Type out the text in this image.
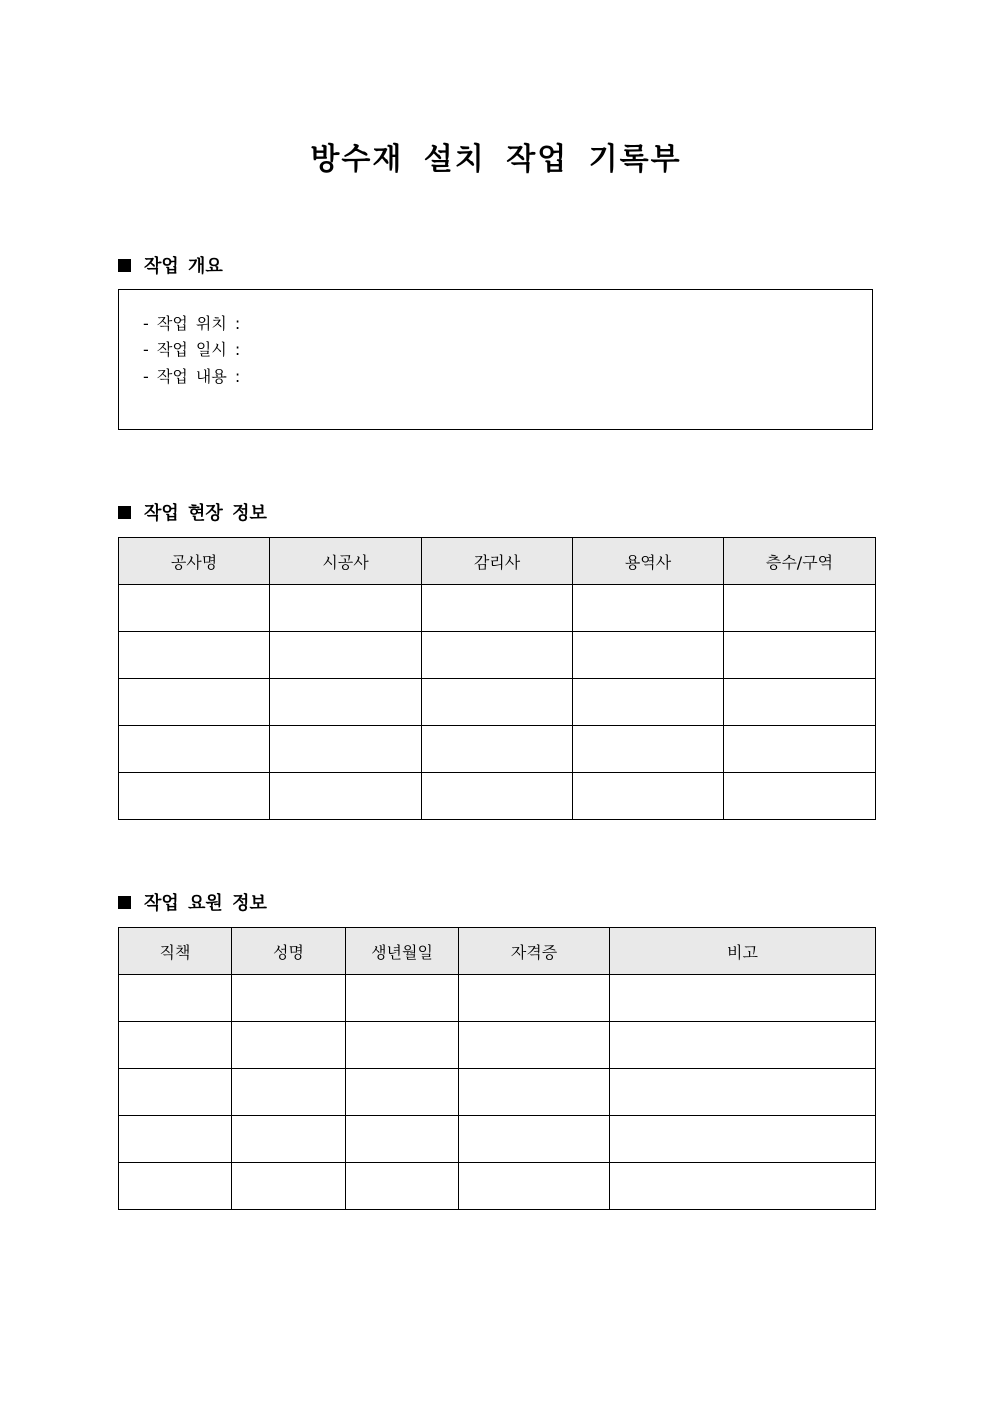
방수재 설치 작업 기록부
작업 개요
- 작업 위치 :
- 작업 일시 :
- 작업 내용 :
작업 현장 정보
공사명	시공사	감리사	용역사	층수/구역

작업 요원 정보
직책	성명	생년월일	자격증	비고
